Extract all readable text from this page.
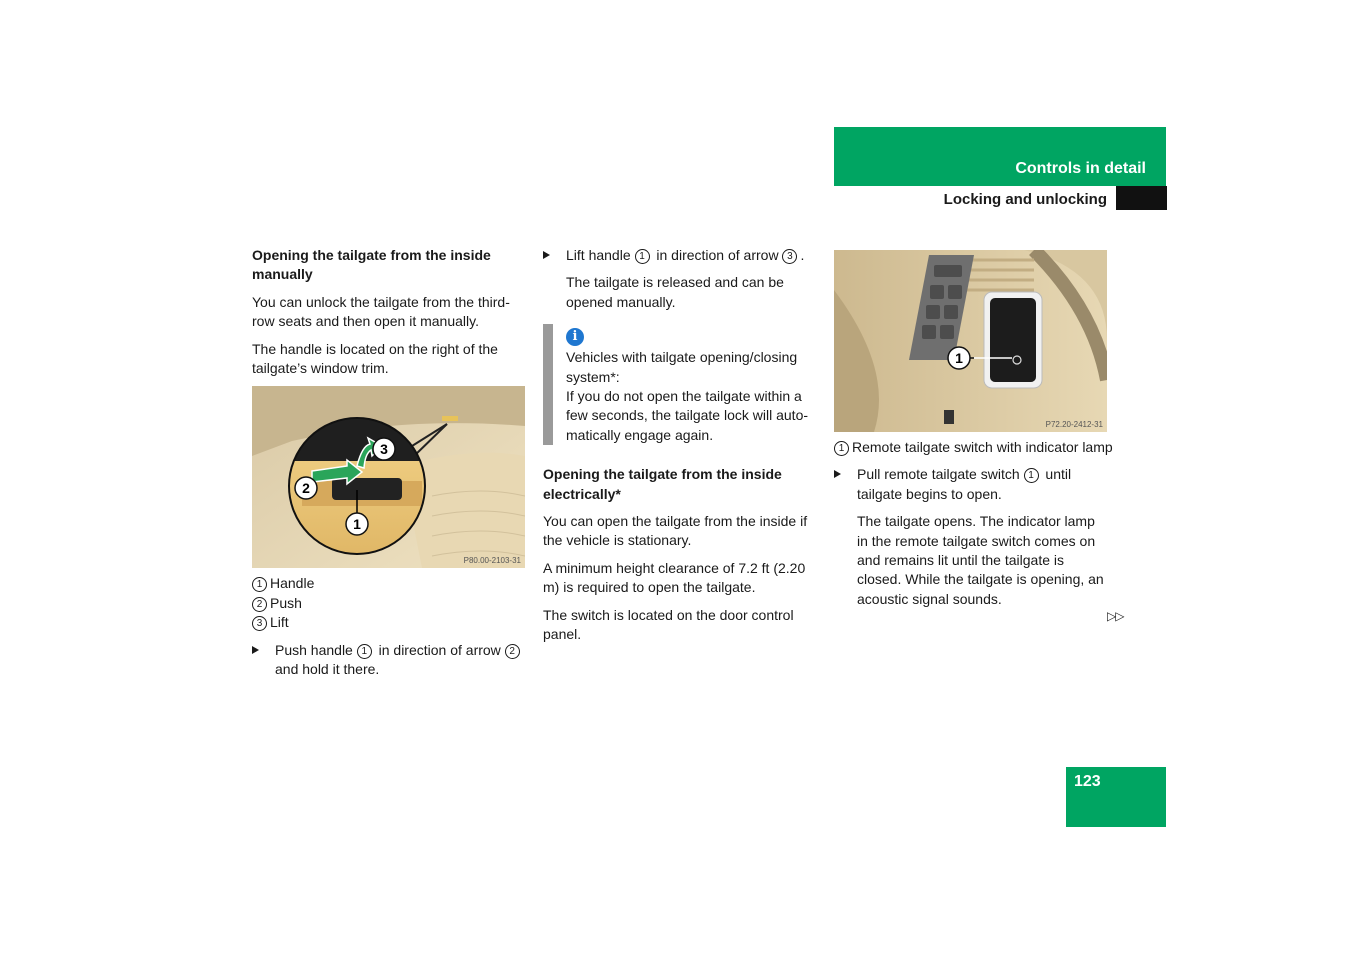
Controls in detail
Locking and unlocking
Opening the tailgate from the inside manually
You can unlock the tailgate from the third-row seats and then open it manually.
The handle is located on the right of the tailgate’s window trim.
3
2
1
P80.00-2103-31
1 Handle
2 Push
3 Lift
Push handle 1 in direction of arrow 2 and hold it there.
Lift handle 1 in direction of arrow 3 .
The tailgate is released and can be opened manually.
i
Vehicles with tailgate opening/closing system*:
If you do not open the tailgate within a few seconds, the tailgate lock will auto-matically engage again.
Opening the tailgate from the inside electrically*
You can open the tailgate from the inside if the vehicle is stationary.
A minimum height clearance of 7.2 ft (2.20 m) is required to open the tailgate.
The switch is located on the door control panel.
1
P72.20-2412-31
1 Remote tailgate switch with indicator lamp
Pull remote tailgate switch 1 until tailgate begins to open.
The tailgate opens. The indicator lamp in the remote tailgate switch comes on and remains lit until the tailgate is closed. While the tailgate is opening, an acoustic signal sounds.
▷▷
123
